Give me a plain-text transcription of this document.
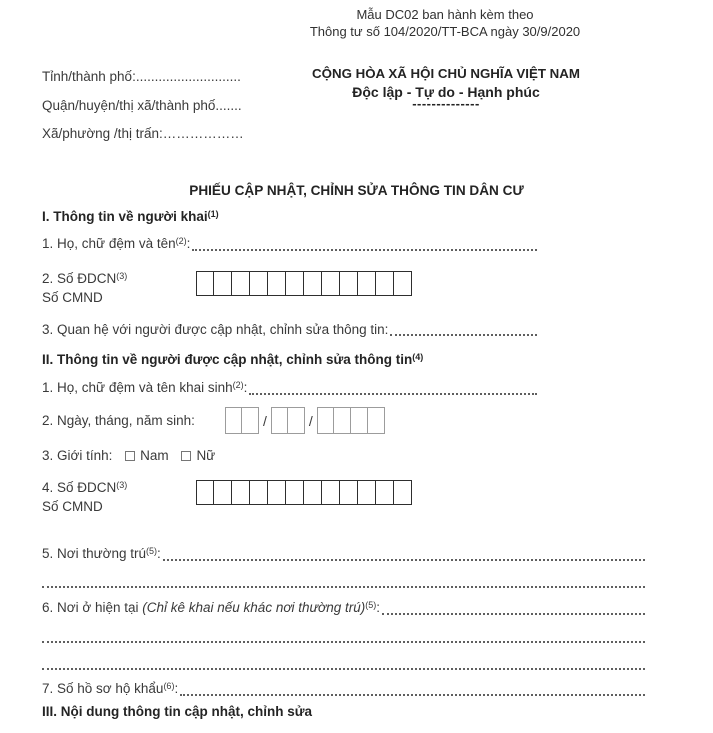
Mẫu DC02 ban hành kèm theo
Thông tư số 104/2020/TT-BCA ngày 30/9/2020
Tỉnh/thành phố:............................
Quận/huyện/thị xã/thành phố.......
Xã/phường /thị trấn:………………
CỘNG HÒA XÃ HỘI CHỦ NGHĨA VIỆT NAM
Độc lập - Tự do - Hạnh phúc
--------------
PHIẾU CẬP NHẬT, CHỈNH SỬA THÔNG TIN DÂN CƯ
I. Thông tin về người khai$^{(1)}$
1. Họ, chữ đệm và tên$^{(2)}$:
2. Số ĐDCN$^{(3)}$
Số CMND
3. Quan hệ với người được cập nhật, chỉnh sửa thông tin:
II. Thông tin về người được cập nhật, chỉnh sửa thông tin$^{(4)}$
1. Họ, chữ đệm và tên khai $\sinh^{(2)}$:
2. Ngày, tháng, năm sinh:	/	/
3. Giới tính: Nam Nữ
4. Số ĐDCN$^{(3)}$
Số CMND
5. Nơi thường trú$^{(5)}$:
6. Nơi ở hiện tại (Chỉ kê khai nếu khác nơi thường trú)$^{(5)}$:
7. Số hồ sơ hộ khẩu$^{(6)}$:
III. Nội dung thông tin cập nhật, chỉnh sửa
